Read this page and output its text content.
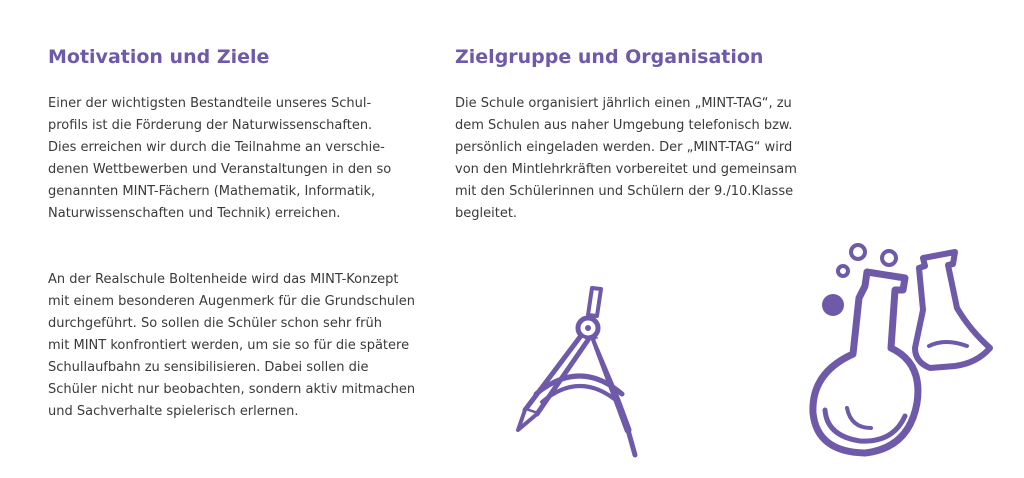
Motivation und Ziele

Einer der wichtigsten Bestandteile unseres Schul-
profils ist die Förderung der Naturwissenschaften.
Dies erreichen wir durch die Teilnahme an verschie-
denen Wettbewerben und Veranstaltungen in den so
genannten MINT-Fächern (Mathematik, Informatik,
Naturwissenschaften und Technik) erreichen.

An der Realschule Boltenheide wird das MINT-Konzept
mit einem besonderen Augenmerk für die Grundschulen
durchgeführt. So sollen die Schüler schon sehr früh
mit MINT konfrontiert werden, um sie so für die spätere
Schullaufbahn zu sensibilisieren. Dabei sollen die
Schüler nicht nur beobachten, sondern aktiv mitmachen
und Sachverhalte spielerisch erlernen.

Zielgruppe und Organisation

Die Schule organisiert jährlich einen „MINT-TAG“, zu
dem Schulen aus naher Umgebung telefonisch bzw.
persönlich eingeladen werden. Der „MINT-TAG“ wird
von den Mintlehrkräften vorbereitet und gemeinsam
mit den Schülerinnen und Schülern der 9./10.Klasse
begleitet.
